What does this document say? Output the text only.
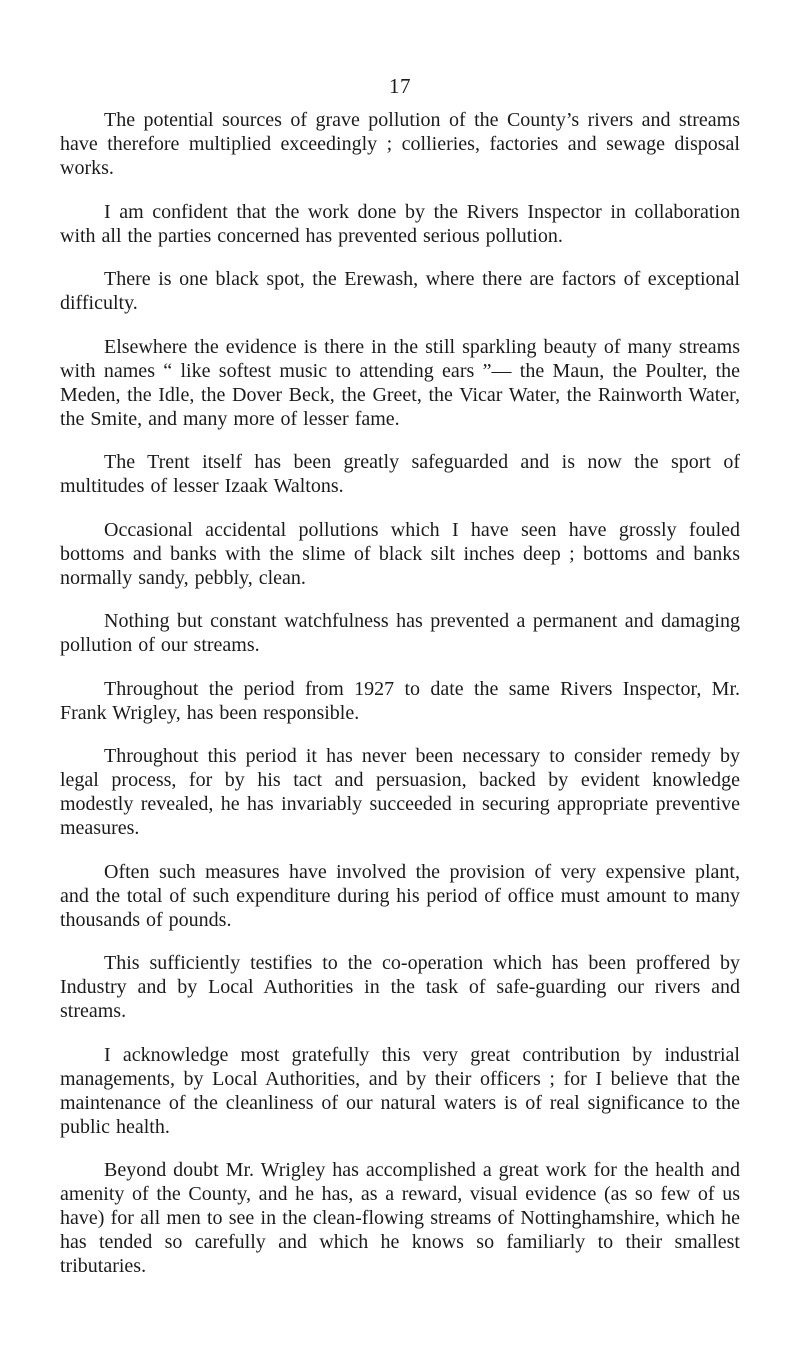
17

The potential sources of grave pollution of the County’s rivers and streams have therefore multiplied exceedingly ; collieries, factories and sewage disposal works.

I am confident that the work done by the Rivers Inspector in collaboration with all the parties concerned has prevented serious pollution.

There is one black spot, the Erewash, where there are factors of exceptional difficulty.

Elsewhere the evidence is there in the still sparkling beauty of many streams with names “ like softest music to attending ears ”— the Maun, the Poulter, the Meden, the Idle, the Dover Beck, the Greet, the Vicar Water, the Rainworth Water, the Smite, and many more of lesser fame.

The Trent itself has been greatly safeguarded and is now the sport of multitudes of lesser Izaak Waltons.

Occasional accidental pollutions which I have seen have grossly fouled bottoms and banks with the slime of black silt inches deep ; bottoms and banks normally sandy, pebbly, clean.

Nothing but constant watchfulness has prevented a permanent and damaging pollution of our streams.

Throughout the period from 1927 to date the same Rivers Inspector, Mr. Frank Wrigley, has been responsible.

Throughout this period it has never been necessary to consider remedy by legal process, for by his tact and persuasion, backed by evident knowledge modestly revealed, he has invariably succeeded in securing appropriate preventive measures.

Often such measures have involved the provision of very expensive plant, and the total of such expenditure during his period of office must amount to many thousands of pounds.

This sufficiently testifies to the co-operation which has been proffered by Industry and by Local Authorities in the task of safe-guarding our rivers and streams.

I acknowledge most gratefully this very great contribution by industrial managements, by Local Authorities, and by their officers ; for I believe that the maintenance of the cleanliness of our natural waters is of real significance to the public health.

Beyond doubt Mr. Wrigley has accomplished a great work for the health and amenity of the County, and he has, as a reward, visual evidence (as so few of us have) for all men to see in the clean-flowing streams of Nottinghamshire, which he has tended so carefully and which he knows so familiarly to their smallest tributaries.
